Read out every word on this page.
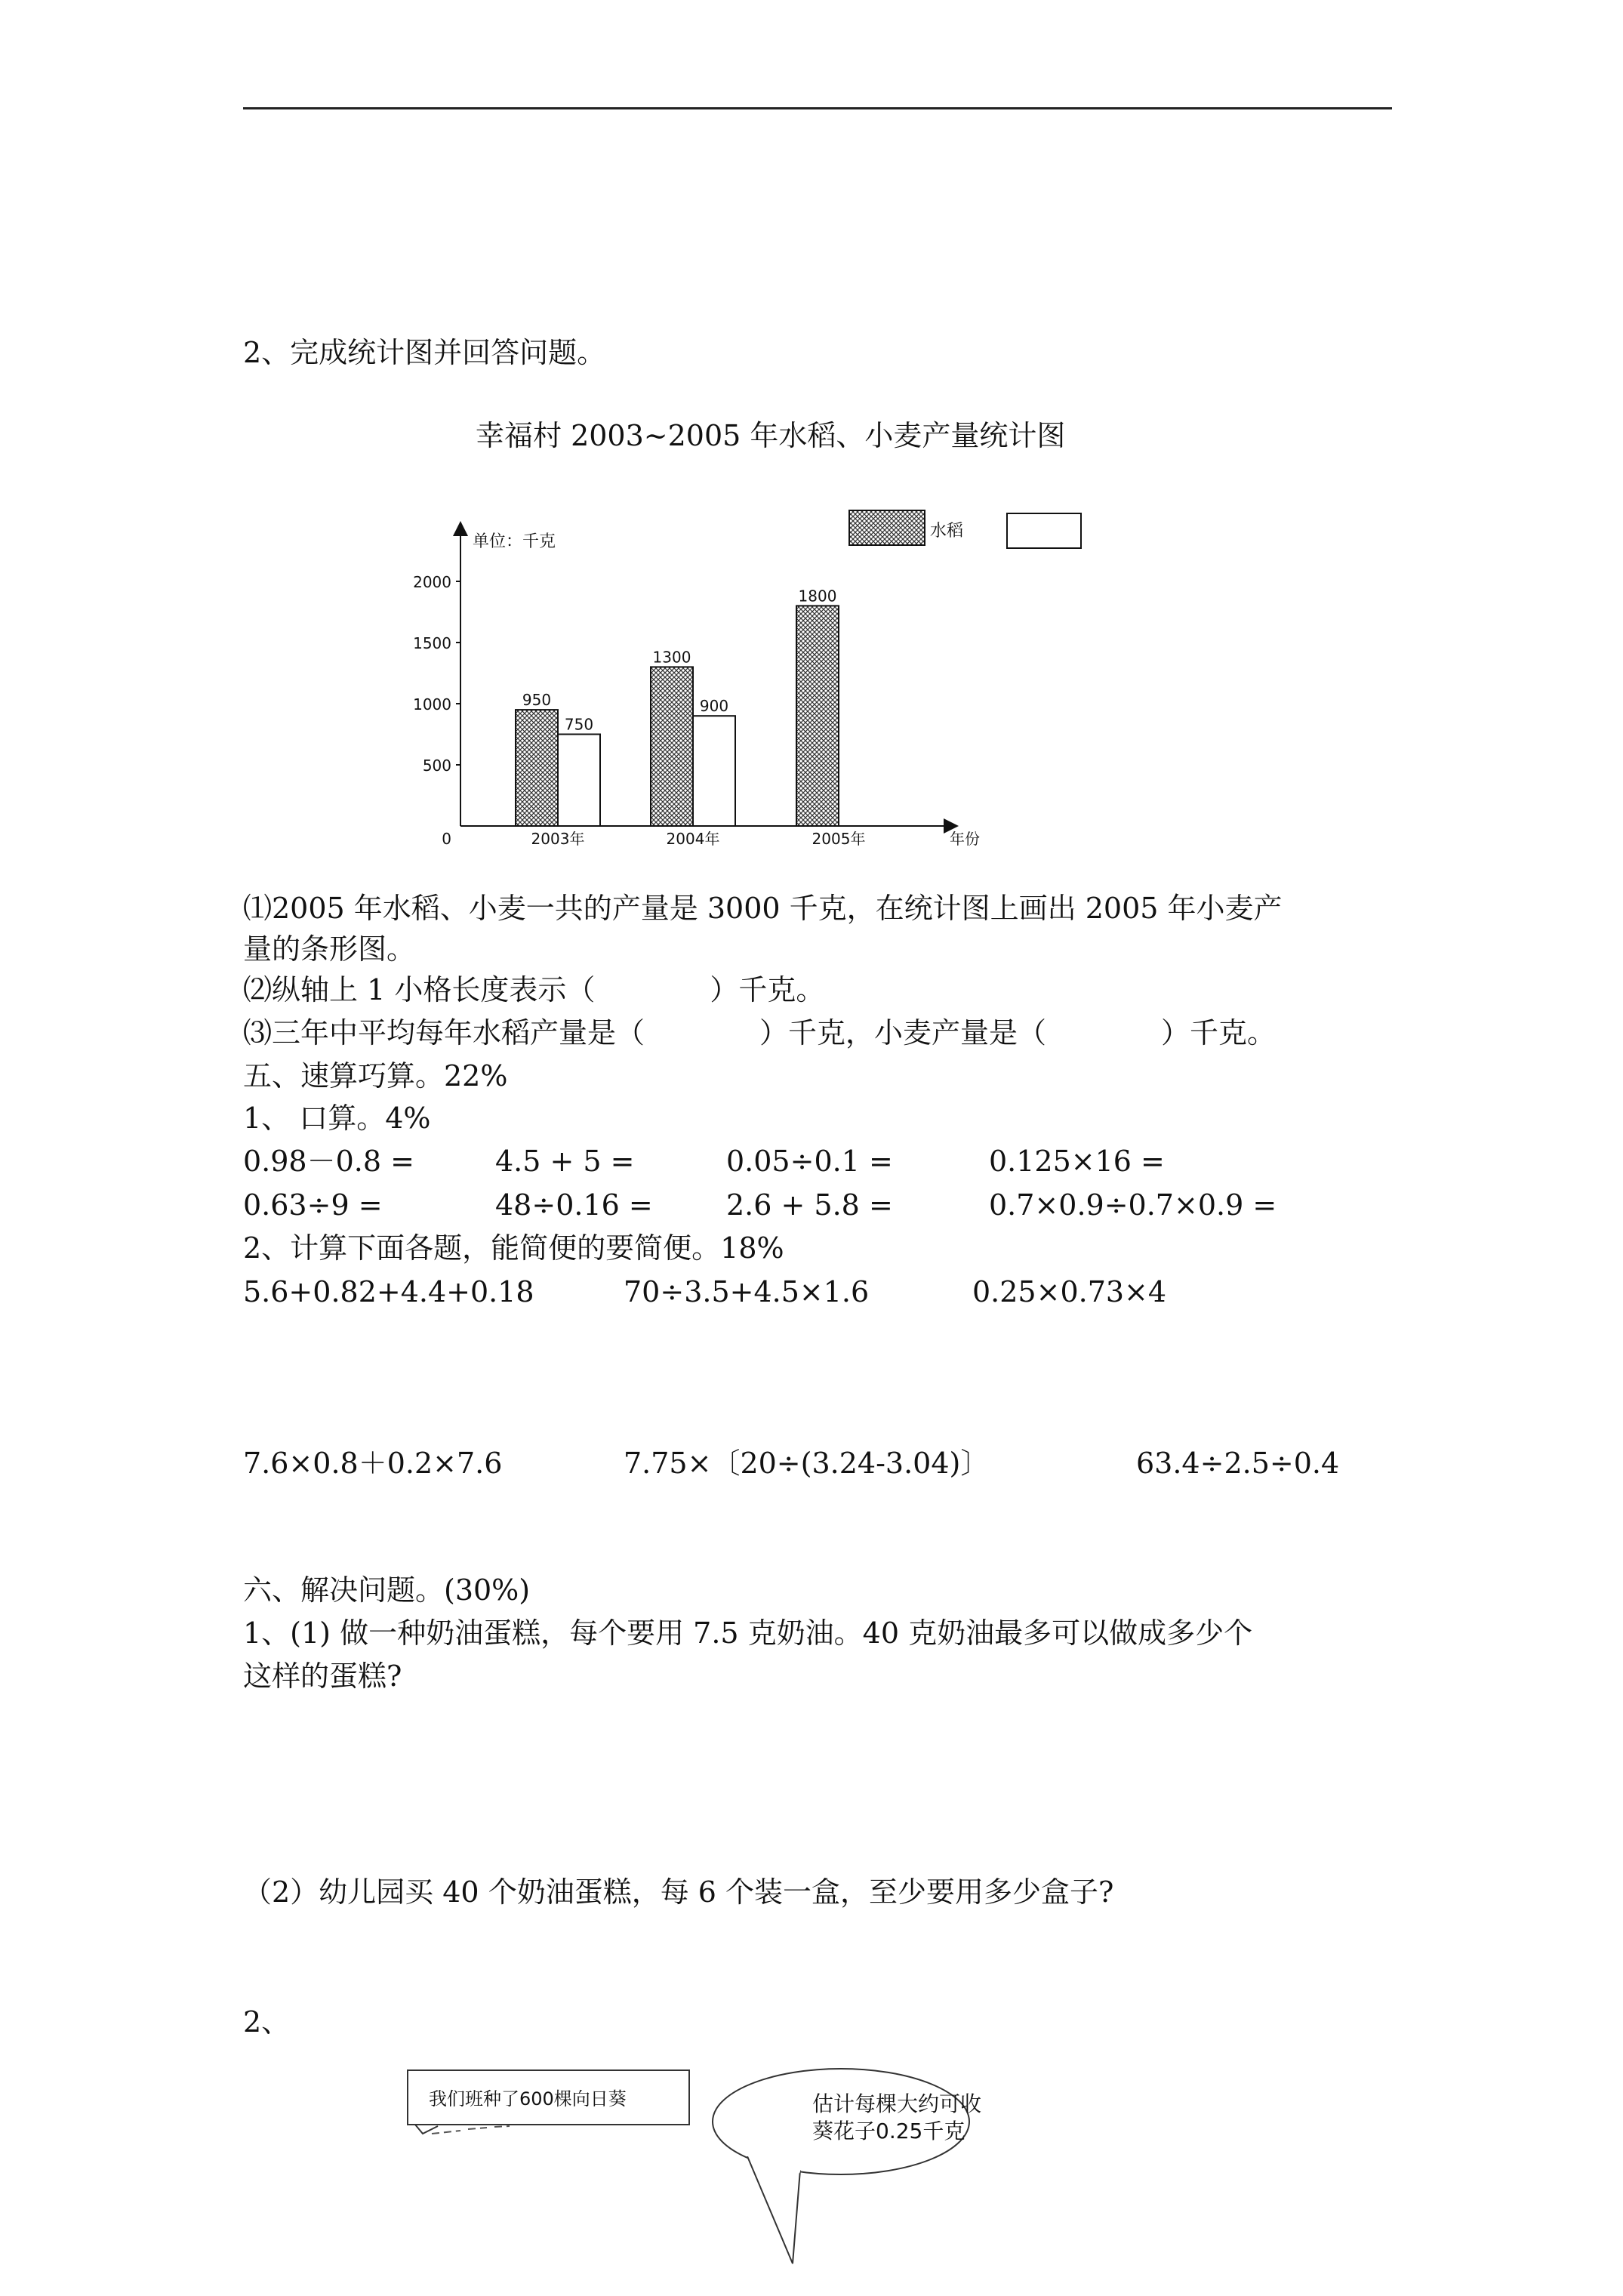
2、完成统计图并回答问题。
幸福村 2003~2005 年水稻、小麦产量统计图
单位：千克
0
500
1000
1500
2000
950
750
2003年
1300
900
2004年
1800
2005年	年份
水稻
⑴2005 年水稻、小麦一共的产量是 3000 千克，在统计图上画出 2005 年小麦产
量的条形图。
⑵纵轴上 1 小格长度表示（　　　　）千克。
⑶三年中平均每年水稻产量是（　　　　）千克，小麦产量是（　　　　）千克。
五、速算巧算。22%
1、 口算。4%
0.98－0.8 =	4.5 + 5 =	0.05÷0.1 =	0.125×16 =
0.63÷9 =	48÷0.16 =	2.6 + 5.8 =	0.7×0.9÷0.7×0.9 =
2、计算下面各题，能简便的要简便。18%
5.6+0.82+4.4+0.18	70÷3.5+4.5×1.6	0.25×0.73×4
7.6×0.8＋0.2×7.6	7.75×〔20÷(3.24-3.04)〕	63.4÷2.5÷0.4
六、解决问题。(30%)
1、(1) 做一种奶油蛋糕，每个要用 7.5 克奶油。40 克奶油最多可以做成多少个
这样的蛋糕?
（2）幼儿园买 40 个奶油蛋糕，每 6 个装一盒，至少要用多少盒子?
2、
我们班种了600棵向日葵	估计每棵大约可收
葵花子0.25千克
